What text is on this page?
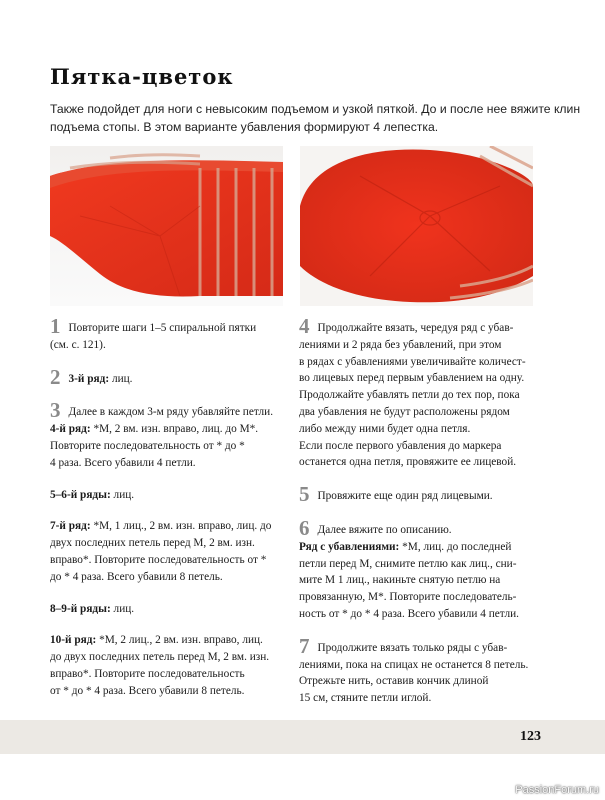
Пятка-цветок

Также подойдет для ноги с невысоким подъемом и узкой пяткой. До и после нее вяжите клин
подъема стопы. В этом варианте убавления формируют 4 лепестка.

1 Повторите шаги 1–5 спиральной пятки
(см. с. 121).
2 3-й ряд: лиц.
3 Далее в каждом 3-м ряду убавляйте петли.
4-й ряд: *М, 2 вм. изн. вправо, лиц. до М*.
Повторите последовательность от * до *
4 раза. Всего убавили 4 петли.
5–6-й ряды: лиц.
7-й ряд: *М, 1 лиц., 2 вм. изн. вправо, лиц. до
двух последних петель перед М, 2 вм. изн.
вправо*. Повторите последовательность от *
до * 4 раза. Всего убавили 8 петель.
8–9-й ряды: лиц.
10-й ряд: *М, 2 лиц., 2 вм. изн. вправо, лиц.
до двух последних петель перед М, 2 вм. изн.
вправо*. Повторите последовательность
от * до * 4 раза. Всего убавили 8 петель.
4 Продолжайте вязать, чередуя ряд с убав-
лениями и 2 ряда без убавлений, при этом
в рядах с убавлениями увеличивайте количест-
во лицевых перед первым убавлением на одну.
Продолжайте убавлять петли до тех пор, пока
два убавления не будут расположены рядом
либо между ними будет одна петля.
Если после первого убавления до маркера
останется одна петля, провяжите ее лицевой.
5 Провяжите еще один ряд лицевыми.
6 Далее вяжите по описанию.
Ряд с убавлениями: *М, лиц. до последней
петли перед М, снимите петлю как лиц., сни-
мите М 1 лиц., накиньте снятую петлю на
провязанную, М*. Повторите последователь-
ность от * до * 4 раза. Всего убавили 4 петли.
7 Продолжите вязать только ряды с убав-
лениями, пока на спицах не останется 8 петель.
Отрежьте нить, оставив кончик длиной
15 см, стяните петли иглой.
123
PassionForum.ru
